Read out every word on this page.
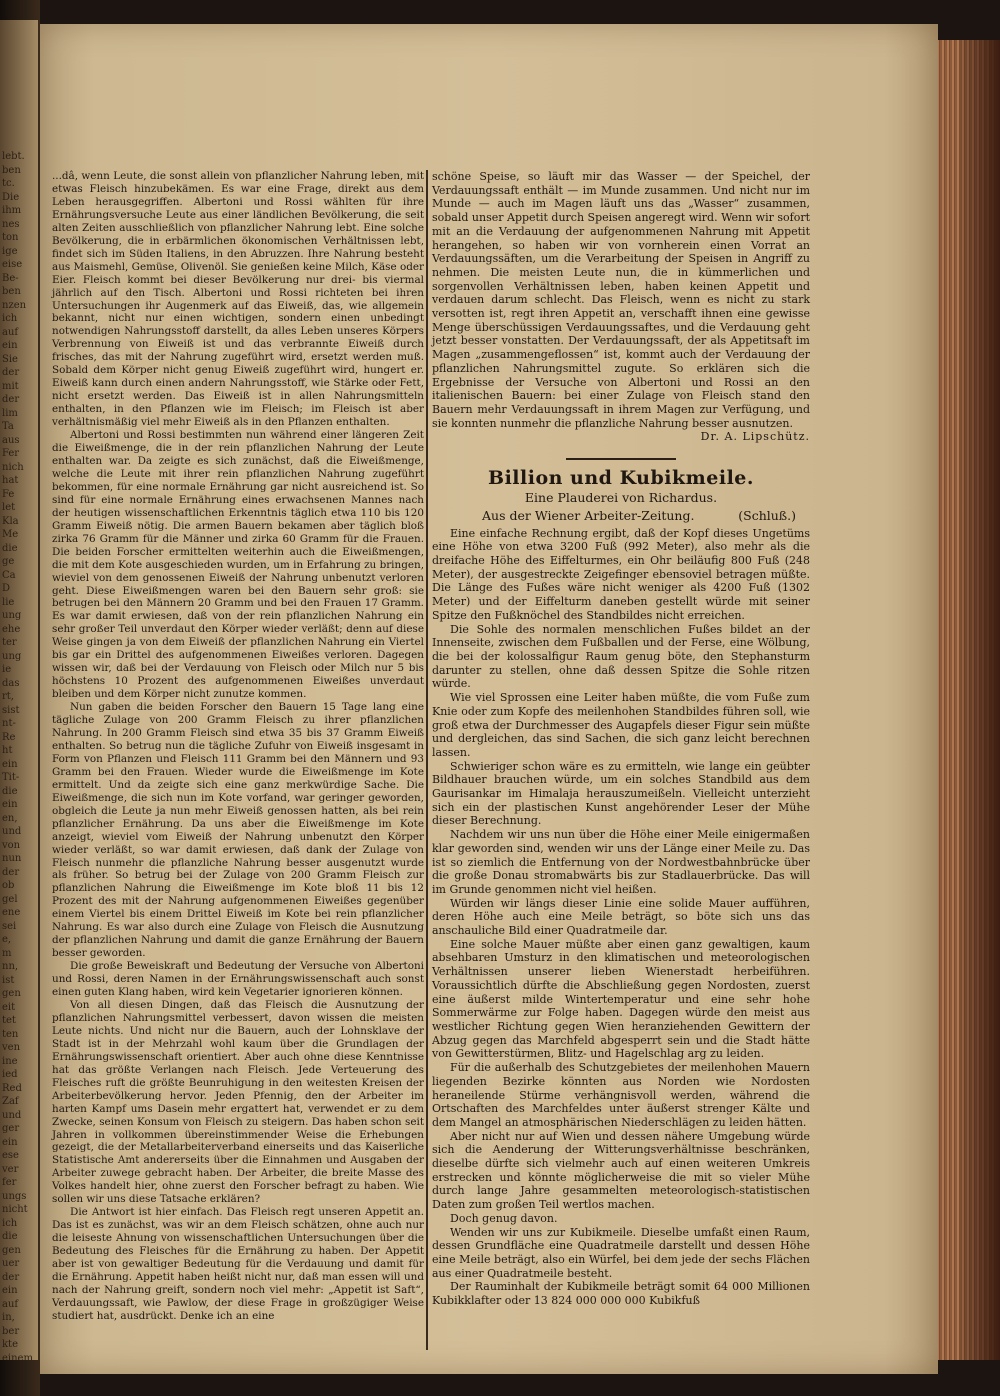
lebt.
ben
tc.
Die
ihm
nes
ton
ige
eise
Be-
ben
nzen
ich
auf
ein
Sie
der
mit
der
lim
Ta
aus
Fer
nich
hat
Fe
let
Kla
Me
die
ge
Ca
D
lie
ung
ehe
ter
ung
ie
das
rt,
sist
nt-
Re
ht
ein
Tit-
die
ein
en,
und
von
nun
der
ob
gel
ene
sei
e,
m
nn,
ist
gen
eit
tet
ten
ven
ine
ied
Red
Zaf
und
ger
ein
ese
ver
fer
ungs
nicht
ich
die
gen
uer
der
ein
auf
in,
ber
kte
einem

...dâ, wenn Leute, die sonst allein von pflanzlicher Nahrung leben, mit etwas Fleisch hinzubekämen. Es war eine Frage, direkt aus dem Leben herausgegriffen. Albertoni und Rossi wählten für ihre Ernährungsversuche Leute aus einer ländlichen Bevölkerung, die seit alten Zeiten ausschließlich von pflanzlicher Nahrung lebt. Eine solche Bevölkerung, die in erbärmlichen ökonomischen Verhältnissen lebt, findet sich im Süden Italiens, in den Abruzzen. Ihre Nahrung besteht aus Maismehl, Gemüse, Olivenöl. Sie genießen keine Milch, Käse oder Eier. Fleisch kommt bei dieser Bevölkerung nur drei- bis viermal jährlich auf den Tisch. Albertoni und Rossi richteten bei ihren Untersuchungen ihr Augenmerk auf das Eiweiß, das, wie allgemein bekannt, nicht nur einen wichtigen, sondern einen unbedingt notwendigen Nahrungsstoff darstellt, da alles Leben unseres Körpers Verbrennung von Eiweiß ist und das verbrannte Eiweiß durch frisches, das mit der Nahrung zugeführt wird, ersetzt werden muß. Sobald dem Körper nicht genug Eiweiß zugeführt wird, hungert er. Eiweiß kann durch einen andern Nahrungsstoff, wie Stärke oder Fett, nicht ersetzt werden. Das Eiweiß ist in allen Nahrungsmitteln enthalten, in den Pflanzen wie im Fleisch; im Fleisch ist aber verhältnismäßig viel mehr Eiweiß als in den Pflanzen enthalten.

Albertoni und Rossi bestimmten nun während einer längeren Zeit die Eiweißmenge, die in der rein pflanzlichen Nahrung der Leute enthalten war. Da zeigte es sich zunächst, daß die Eiweißmenge, welche die Leute mit ihrer rein pflanzlichen Nahrung zugeführt bekommen, für eine normale Ernährung gar nicht ausreichend ist. So sind für eine normale Ernährung eines erwachsenen Mannes nach der heutigen wissenschaftlichen Erkenntnis täglich etwa 110 bis 120 Gramm Eiweiß nötig. Die armen Bauern bekamen aber täglich bloß zirka 76 Gramm für die Männer und zirka 60 Gramm für die Frauen. Die beiden Forscher ermittelten weiterhin auch die Eiweißmengen, die mit dem Kote ausgeschieden wurden, um in Erfahrung zu bringen, wieviel von dem genossenen Eiweiß der Nahrung unbenutzt verloren geht. Diese Eiweißmengen waren bei den Bauern sehr groß: sie betrugen bei den Männern 20 Gramm und bei den Frauen 17 Gramm. Es war damit erwiesen, daß von der rein pflanzlichen Nahrung ein sehr großer Teil unverdaut den Körper wieder verläßt; denn auf diese Weise gingen ja von dem Eiweiß der pflanzlichen Nahrung ein Viertel bis gar ein Drittel des aufgenommenen Eiweißes verloren. Dagegen wissen wir, daß bei der Verdauung von Fleisch oder Milch nur 5 bis höchstens 10 Prozent des aufgenommenen Eiweißes unverdaut bleiben und dem Körper nicht zunutze kommen.

Nun gaben die beiden Forscher den Bauern 15 Tage lang eine tägliche Zulage von 200 Gramm Fleisch zu ihrer pflanzlichen Nahrung. In 200 Gramm Fleisch sind etwa 35 bis 37 Gramm Eiweiß enthalten. So betrug nun die tägliche Zufuhr von Eiweiß insgesamt in Form von Pflanzen und Fleisch 111 Gramm bei den Männern und 93 Gramm bei den Frauen. Wieder wurde die Eiweißmenge im Kote ermittelt. Und da zeigte sich eine ganz merkwürdige Sache. Die Eiweißmenge, die sich nun im Kote vorfand, war geringer geworden, obgleich die Leute ja nun mehr Eiweiß genossen hatten, als bei rein pflanzlicher Ernährung. Da uns aber die Eiweißmenge im Kote anzeigt, wieviel vom Eiweiß der Nahrung unbenutzt den Körper wieder verläßt, so war damit erwiesen, daß dank der Zulage von Fleisch nunmehr die pflanzliche Nahrung besser ausgenutzt wurde als früher. So betrug bei der Zulage von 200 Gramm Fleisch zur pflanzlichen Nahrung die Eiweißmenge im Kote bloß 11 bis 12 Prozent des mit der Nahrung aufgenommenen Eiweißes gegenüber einem Viertel bis einem Drittel Eiweiß im Kote bei rein pflanzlicher Nahrung. Es war also durch eine Zulage von Fleisch die Ausnutzung der pflanzlichen Nahrung und damit die ganze Ernährung der Bauern besser geworden.

Die große Beweiskraft und Bedeutung der Versuche von Albertoni und Rossi, deren Namen in der Ernährungswissenschaft auch sonst einen guten Klang haben, wird kein Vegetarier ignorieren können.

Von all diesen Dingen, daß das Fleisch die Ausnutzung der pflanzlichen Nahrungsmittel verbessert, davon wissen die meisten Leute nichts. Und nicht nur die Bauern, auch der Lohnsklave der Stadt ist in der Mehrzahl wohl kaum über die Grundlagen der Ernährungswissenschaft orientiert. Aber auch ohne diese Kenntnisse hat das größte Verlangen nach Fleisch. Jede Verteuerung des Fleisches ruft die größte Beunruhigung in den weitesten Kreisen der Arbeiterbevölkerung hervor. Jeden Pfennig, den der Arbeiter im harten Kampf ums Dasein mehr ergattert hat, verwendet er zu dem Zwecke, seinen Konsum von Fleisch zu steigern. Das haben schon seit Jahren in vollkommen übereinstimmender Weise die Erhebungen gezeigt, die der Metallarbeiterverband einerseits und das Kaiserliche Statistische Amt andererseits über die Einnahmen und Ausgaben der Arbeiter zuwege gebracht haben. Der Arbeiter, die breite Masse des Volkes handelt hier, ohne zuerst den Forscher befragt zu haben. Wie sollen wir uns diese Tatsache erklären?

Die Antwort ist hier einfach. Das Fleisch regt unseren Appetit an. Das ist es zunächst, was wir an dem Fleisch schätzen, ohne auch nur die leiseste Ahnung von wissenschaftlichen Untersuchungen über die Bedeutung des Fleisches für die Ernährung zu haben. Der Appetit aber ist von gewaltiger Bedeutung für die Verdauung und damit für die Ernährung. Appetit haben heißt nicht nur, daß man essen will und nach der Nahrung greift, sondern noch viel mehr: „Appetit ist Saft“, Verdauungssaft, wie Pawlow, der diese Frage in großzügiger Weise studiert hat, ausdrückt. Denke ich an eine

schöne Speise, so läuft mir das Wasser — der Speichel, der Verdauungssaft enthält — im Munde zusammen. Und nicht nur im Munde — auch im Magen läuft uns das „Wasser“ zusammen, sobald unser Appetit durch Speisen angeregt wird. Wenn wir sofort mit an die Verdauung der aufgenommenen Nahrung mit Appetit herangehen, so haben wir von vornherein einen Vorrat an Verdauungssäften, um die Verarbeitung der Speisen in Angriff zu nehmen. Die meisten Leute nun, die in kümmerlichen und sorgenvollen Verhältnissen leben, haben keinen Appetit und verdauen darum schlecht. Das Fleisch, wenn es nicht zu stark versotten ist, regt ihren Appetit an, verschafft ihnen eine gewisse Menge überschüssigen Verdauungssaftes, und die Verdauung geht jetzt besser vonstatten. Der Verdauungssaft, der als Appetitsaft im Magen „zusammengeflossen“ ist, kommt auch der Verdauung der pflanzlichen Nahrungsmittel zugute. So erklären sich die Ergebnisse der Versuche von Albertoni und Rossi an den italienischen Bauern: bei einer Zulage von Fleisch stand den Bauern mehr Verdauungssaft in ihrem Magen zur Verfügung, und sie konnten nunmehr die pflanzliche Nahrung besser ausnutzen.

Dr. A. Lipschütz.

Billion und Kubikmeile.
Eine Plauderei von Richardus.
Aus der Wiener Arbeiter-Zeitung.	(Schluß.)

Eine einfache Rechnung ergibt, daß der Kopf dieses Ungetüms eine Höhe von etwa 3200 Fuß (992 Meter), also mehr als die dreifache Höhe des Eiffelturmes, ein Ohr beiläufig 800 Fuß (248 Meter), der ausgestreckte Zeigefinger ebensoviel betragen müßte. Die Länge des Fußes wäre nicht weniger als 4200 Fuß (1302 Meter) und der Eiffelturm daneben gestellt würde mit seiner Spitze den Fußknöchel des Standbildes nicht erreichen.

Die Sohle des normalen menschlichen Fußes bildet an der Innenseite, zwischen dem Fußballen und der Ferse, eine Wölbung, die bei der kolossalfigur Raum genug böte, den Stephansturm darunter zu stellen, ohne daß dessen Spitze die Sohle ritzen würde.

Wie viel Sprossen eine Leiter haben müßte, die vom Fuße zum Knie oder zum Kopfe des meilenhohen Standbildes führen soll, wie groß etwa der Durchmesser des Augapfels dieser Figur sein müßte und dergleichen, das sind Sachen, die sich ganz leicht berechnen lassen.

Schwieriger schon wäre es zu ermitteln, wie lange ein geübter Bildhauer brauchen würde, um ein solches Standbild aus dem Gaurisankar im Himalaja herauszumeißeln. Vielleicht unterzieht sich ein der plastischen Kunst angehörender Leser der Mühe dieser Berechnung.

Nachdem wir uns nun über die Höhe einer Meile einigermaßen klar geworden sind, wenden wir uns der Länge einer Meile zu. Das ist so ziemlich die Entfernung von der Nordwestbahnbrücke über die große Donau stromabwärts bis zur Stadlauerbrücke. Das will im Grunde genommen nicht viel heißen.

Würden wir längs dieser Linie eine solide Mauer aufführen, deren Höhe auch eine Meile beträgt, so böte sich uns das anschauliche Bild einer Quadratmeile dar.

Eine solche Mauer müßte aber einen ganz gewaltigen, kaum absehbaren Umsturz in den klimatischen und meteorologischen Verhältnissen unserer lieben Wienerstadt herbeiführen. Voraussichtlich dürfte die Abschließung gegen Nordosten, zuerst eine äußerst milde Wintertemperatur und eine sehr hohe Sommerwärme zur Folge haben. Dagegen würde den meist aus westlicher Richtung gegen Wien heranziehenden Gewittern der Abzug gegen das Marchfeld abgesperrt sein und die Stadt hätte von Gewitterstürmen, Blitz- und Hagelschlag arg zu leiden.

Für die außerhalb des Schutzgebietes der meilenhohen Mauern liegenden Bezirke könnten aus Norden wie Nordosten heraneilende Stürme verhängnisvoll werden, während die Ortschaften des Marchfeldes unter äußerst strenger Kälte und dem Mangel an atmosphärischen Niederschlägen zu leiden hätten.

Aber nicht nur auf Wien und dessen nähere Umgebung würde sich die Aenderung der Witterungsverhältnisse beschränken, dieselbe dürfte sich vielmehr auch auf einen weiteren Umkreis erstrecken und könnte möglicherweise die mit so vieler Mühe durch lange Jahre gesammelten meteorologisch-statistischen Daten zum großen Teil wertlos machen.

Doch genug davon.

Wenden wir uns zur Kubikmeile. Dieselbe umfaßt einen Raum, dessen Grundfläche eine Quadratmeile darstellt und dessen Höhe eine Meile beträgt, also ein Würfel, bei dem jede der sechs Flächen aus einer Quadratmeile besteht.

Der Rauminhalt der Kubikmeile beträgt somit 64 000 Millionen Kubikklafter oder 13 824 000 000 000 Kubikfuß
